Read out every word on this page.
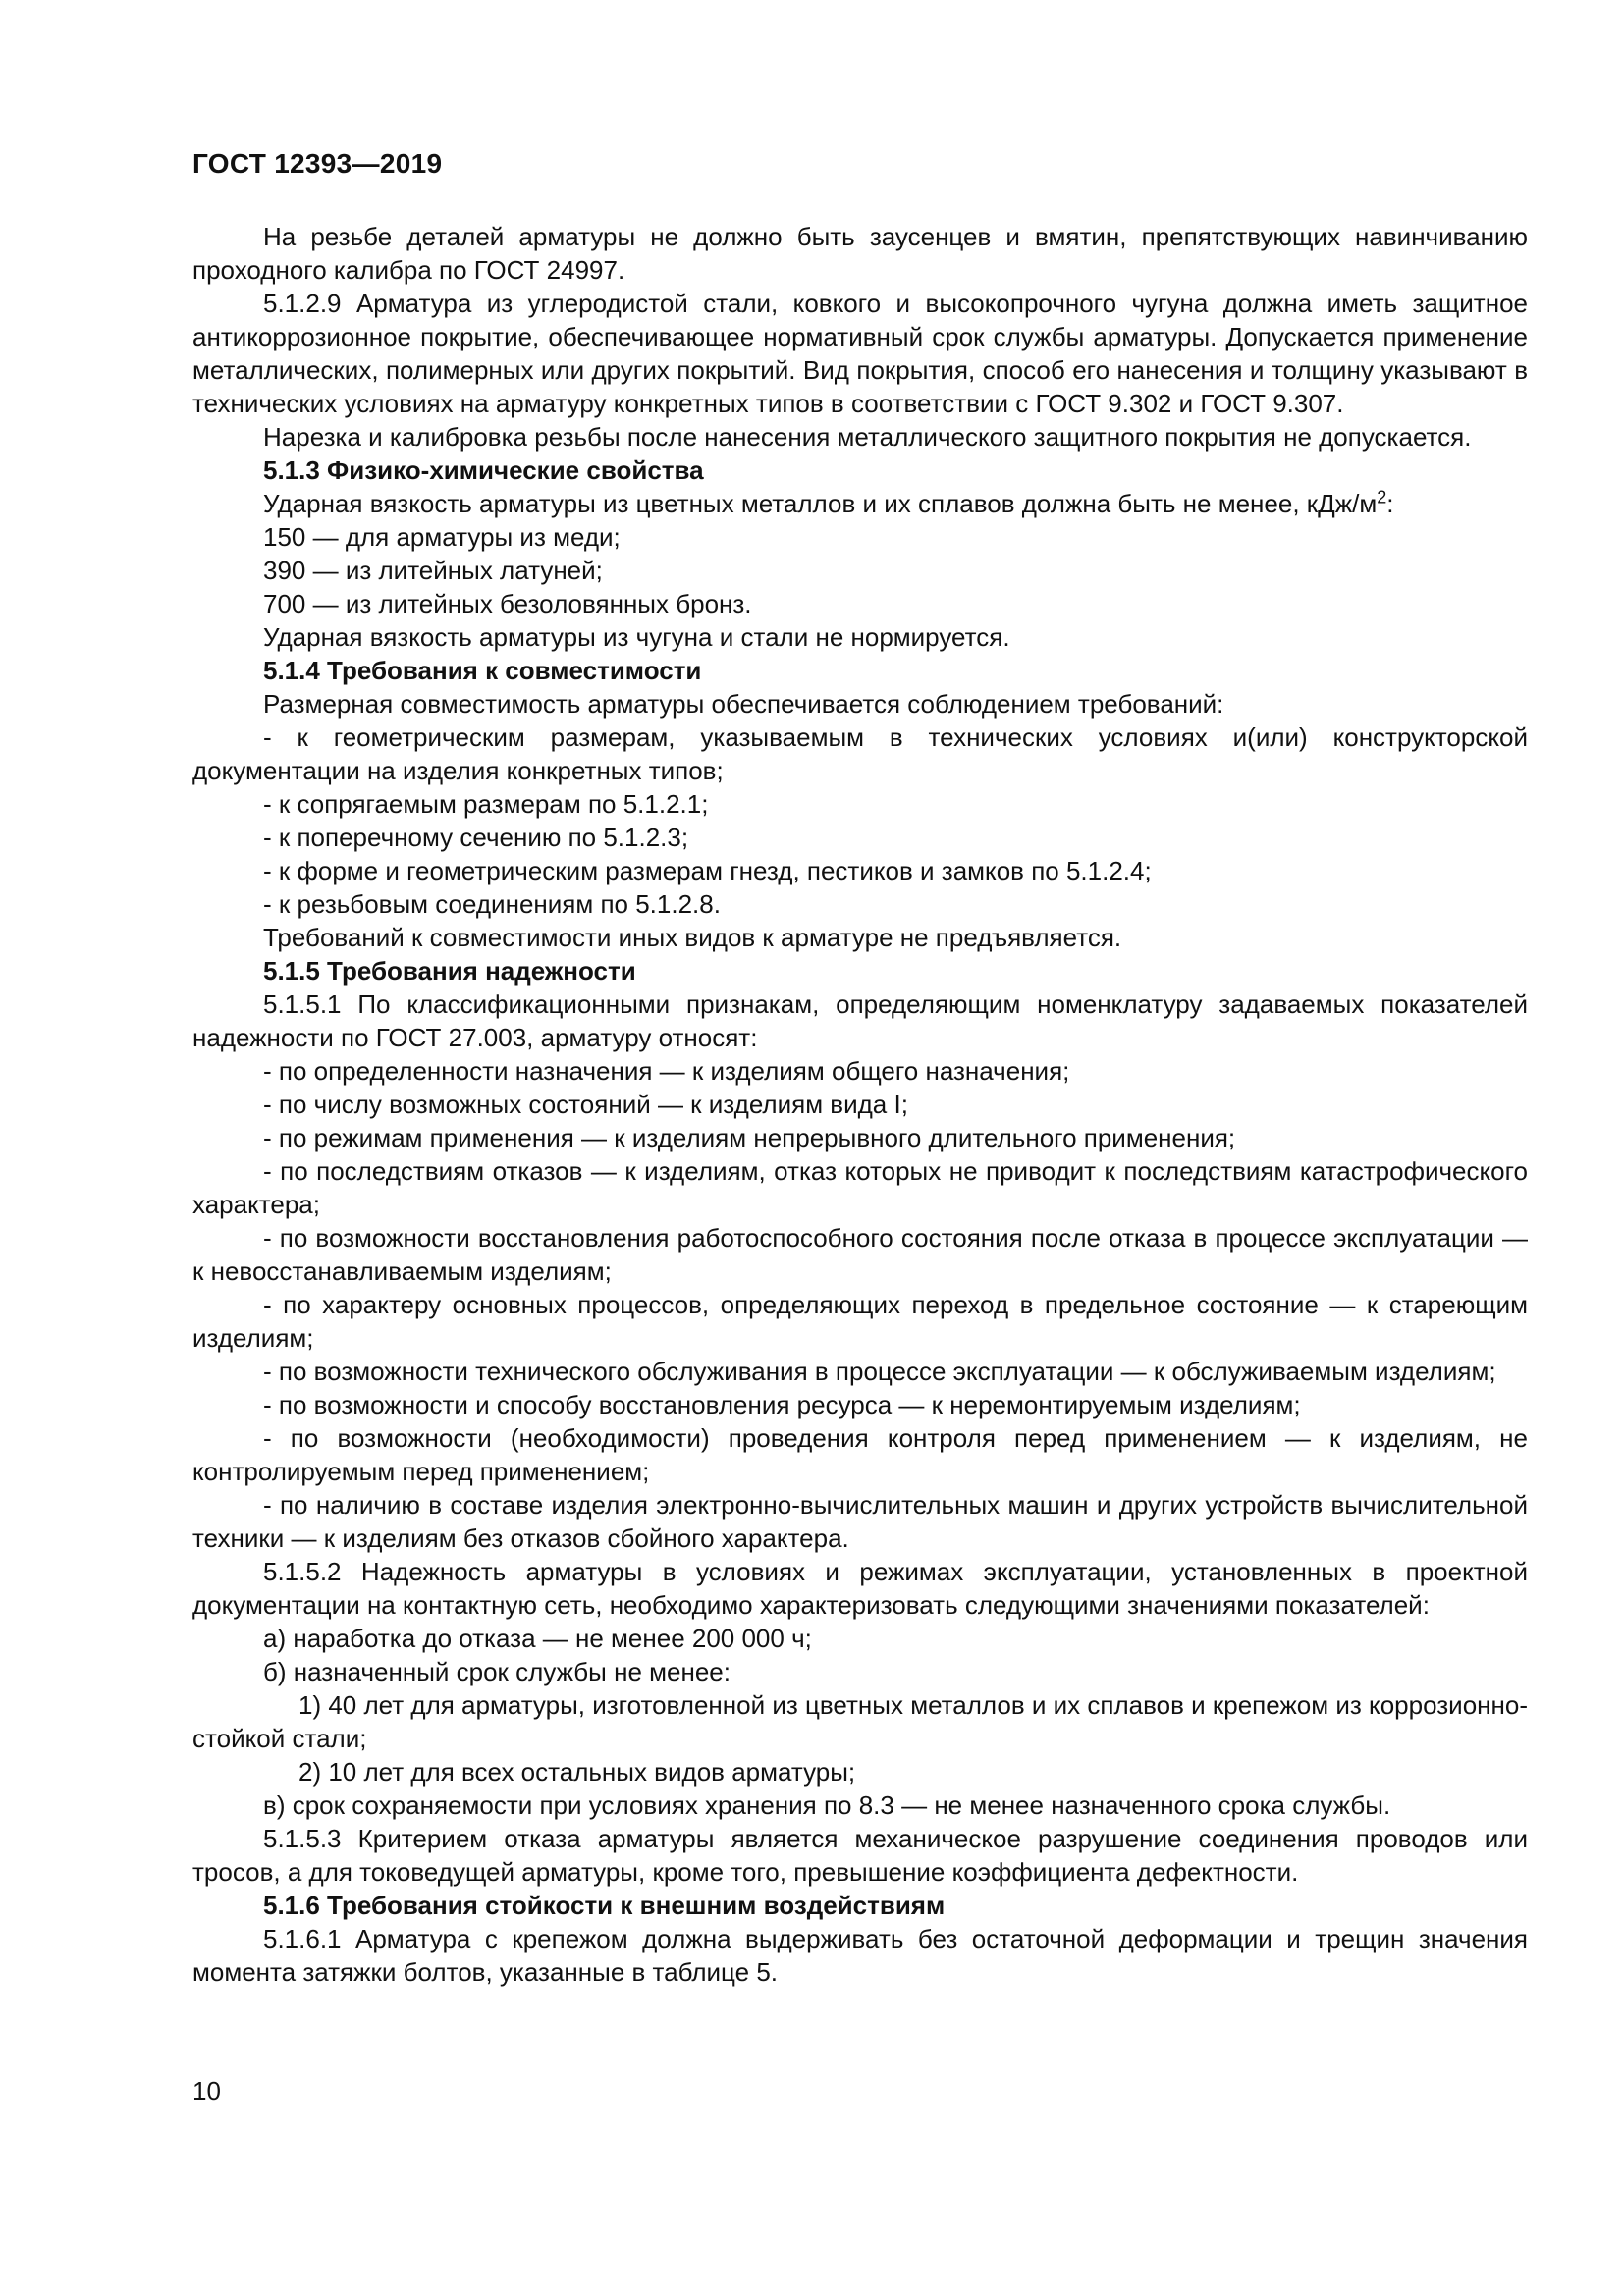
ГОСТ 12393—2019

На резьбе деталей арматуры не должно быть заусенцев и вмятин, препятствующих навинчиванию проходного калибра по ГОСТ 24997.

5.1.2.9 Арматура из углеродистой стали, ковкого и высокопрочного чугуна должна иметь защитное антикоррозионное покрытие, обеспечивающее нормативный срок службы арматуры. Допускается применение металлических, полимерных или других покрытий. Вид покрытия, способ его нанесения и толщину указывают в технических условиях на арматуру конкретных типов в соответствии с ГОСТ 9.302 и ГОСТ 9.307.

Нарезка и калибровка резьбы после нанесения металлического защитного покрытия не допускается.

5.1.3 Физико-химические свойства

Ударная вязкость арматуры из цветных металлов и их сплавов должна быть не менее, кДж/$м^2$:

150 — для арматуры из меди;

390 — из литейных латуней;

700 — из литейных безоловянных бронз.

Ударная вязкость арматуры из чугуна и стали не нормируется.

5.1.4 Требования к совместимости

Размерная совместимость арматуры обеспечивается соблюдением требований:

- к геометрическим размерам, указываемым в технических условиях и(или) конструкторской документации на изделия конкретных типов;

- к сопрягаемым размерам по 5.1.2.1;

- к поперечному сечению по 5.1.2.3;

- к форме и геометрическим размерам гнезд, пестиков и замков по 5.1.2.4;

- к резьбовым соединениям по 5.1.2.8.

Требований к совместимости иных видов к арматуре не предъявляется.

5.1.5 Требования надежности

5.1.5.1 По классификационными признакам, определяющим номенклатуру задаваемых показателей надежности по ГОСТ 27.003, арматуру относят:

- по определенности назначения — к изделиям общего назначения;

- по числу возможных состояний — к изделиям вида I;

- по режимам применения — к изделиям непрерывного длительного применения;

- по последствиям отказов — к изделиям, отказ которых не приводит к последствиям катастрофического характера;

- по возможности восстановления работоспособного состояния после отказа в процессе эксплуатации — к невосстанавливаемым изделиям;

- по характеру основных процессов, определяющих переход в предельное состояние — к стареющим изделиям;

- по возможности технического обслуживания в процессе эксплуатации — к обслуживаемым изделиям;

- по возможности и способу восстановления ресурса — к неремонтируемым изделиям;

- по возможности (необходимости) проведения контроля перед применением — к изделиям, не контролируемым перед применением;

- по наличию в составе изделия электронно-вычислительных машин и других устройств вычислительной техники — к изделиям без отказов сбойного характера.

5.1.5.2 Надежность арматуры в условиях и режимах эксплуатации, установленных в проектной документации на контактную сеть, необходимо характеризовать следующими значениями показателей:

а) наработка до отказа — не менее 200 000 ч;

б) назначенный срок службы не менее:

1) 40 лет для арматуры, изготовленной из цветных металлов и их сплавов и крепежом из коррозионно-стойкой стали;

2) 10 лет для всех остальных видов арматуры;

в) срок сохраняемости при условиях хранения по 8.3 — не менее назначенного срока службы.

5.1.5.3 Критерием отказа арматуры является механическое разрушение соединения проводов или тросов, а для токоведущей арматуры, кроме того, превышение коэффициента дефектности.

5.1.6 Требования стойкости к внешним воздействиям

5.1.6.1 Арматура с крепежом должна выдерживать без остаточной деформации и трещин значения момента затяжки болтов, указанные в таблице 5.

10
